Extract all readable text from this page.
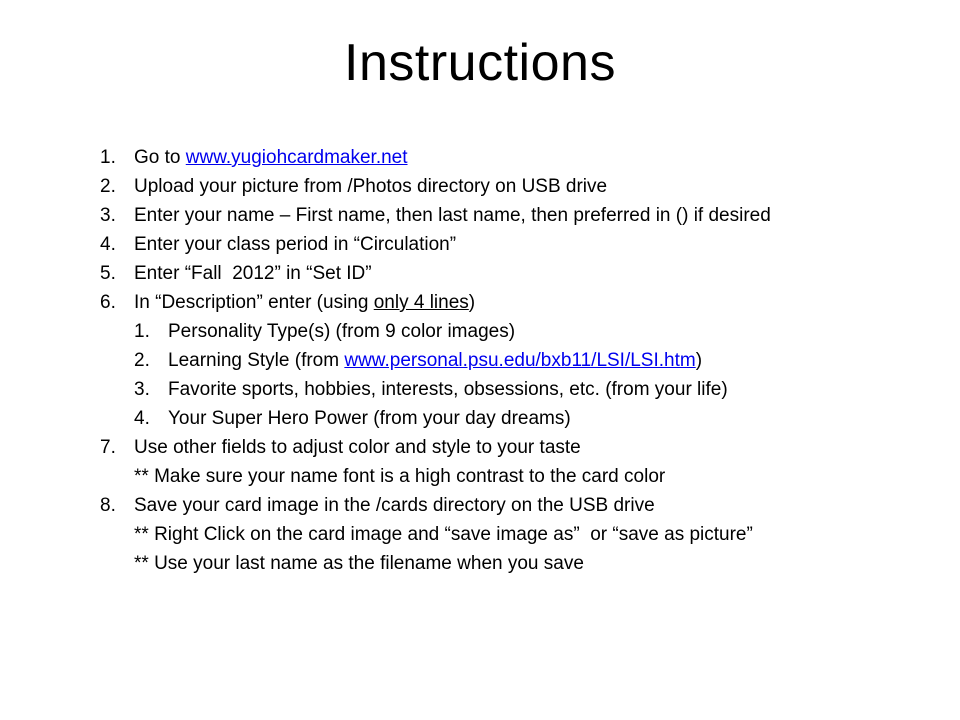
Instructions
1. Go to www.yugiohcardmaker.net
2. Upload your picture from /Photos directory on USB drive
3. Enter your name – First name, then last name, then preferred in () if desired
4. Enter your class period in “Circulation”
5. Enter “Fall  2012” in “Set ID”
6. In “Description” enter (using only 4 lines)
1. Personality Type(s) (from 9 color images)
2. Learning Style (from www.personal.psu.edu/bxb11/LSI/LSI.htm)
3. Favorite sports, hobbies, interests, obsessions, etc. (from your life)
4. Your Super Hero Power (from your day dreams)
7. Use other fields to adjust color and style to your taste
** Make sure your name font is a high contrast to the card color
8. Save your card image in the /cards directory on the USB drive
** Right Click on the card image and “save image as”  or “save as picture”
** Use your last name as the filename when you save
